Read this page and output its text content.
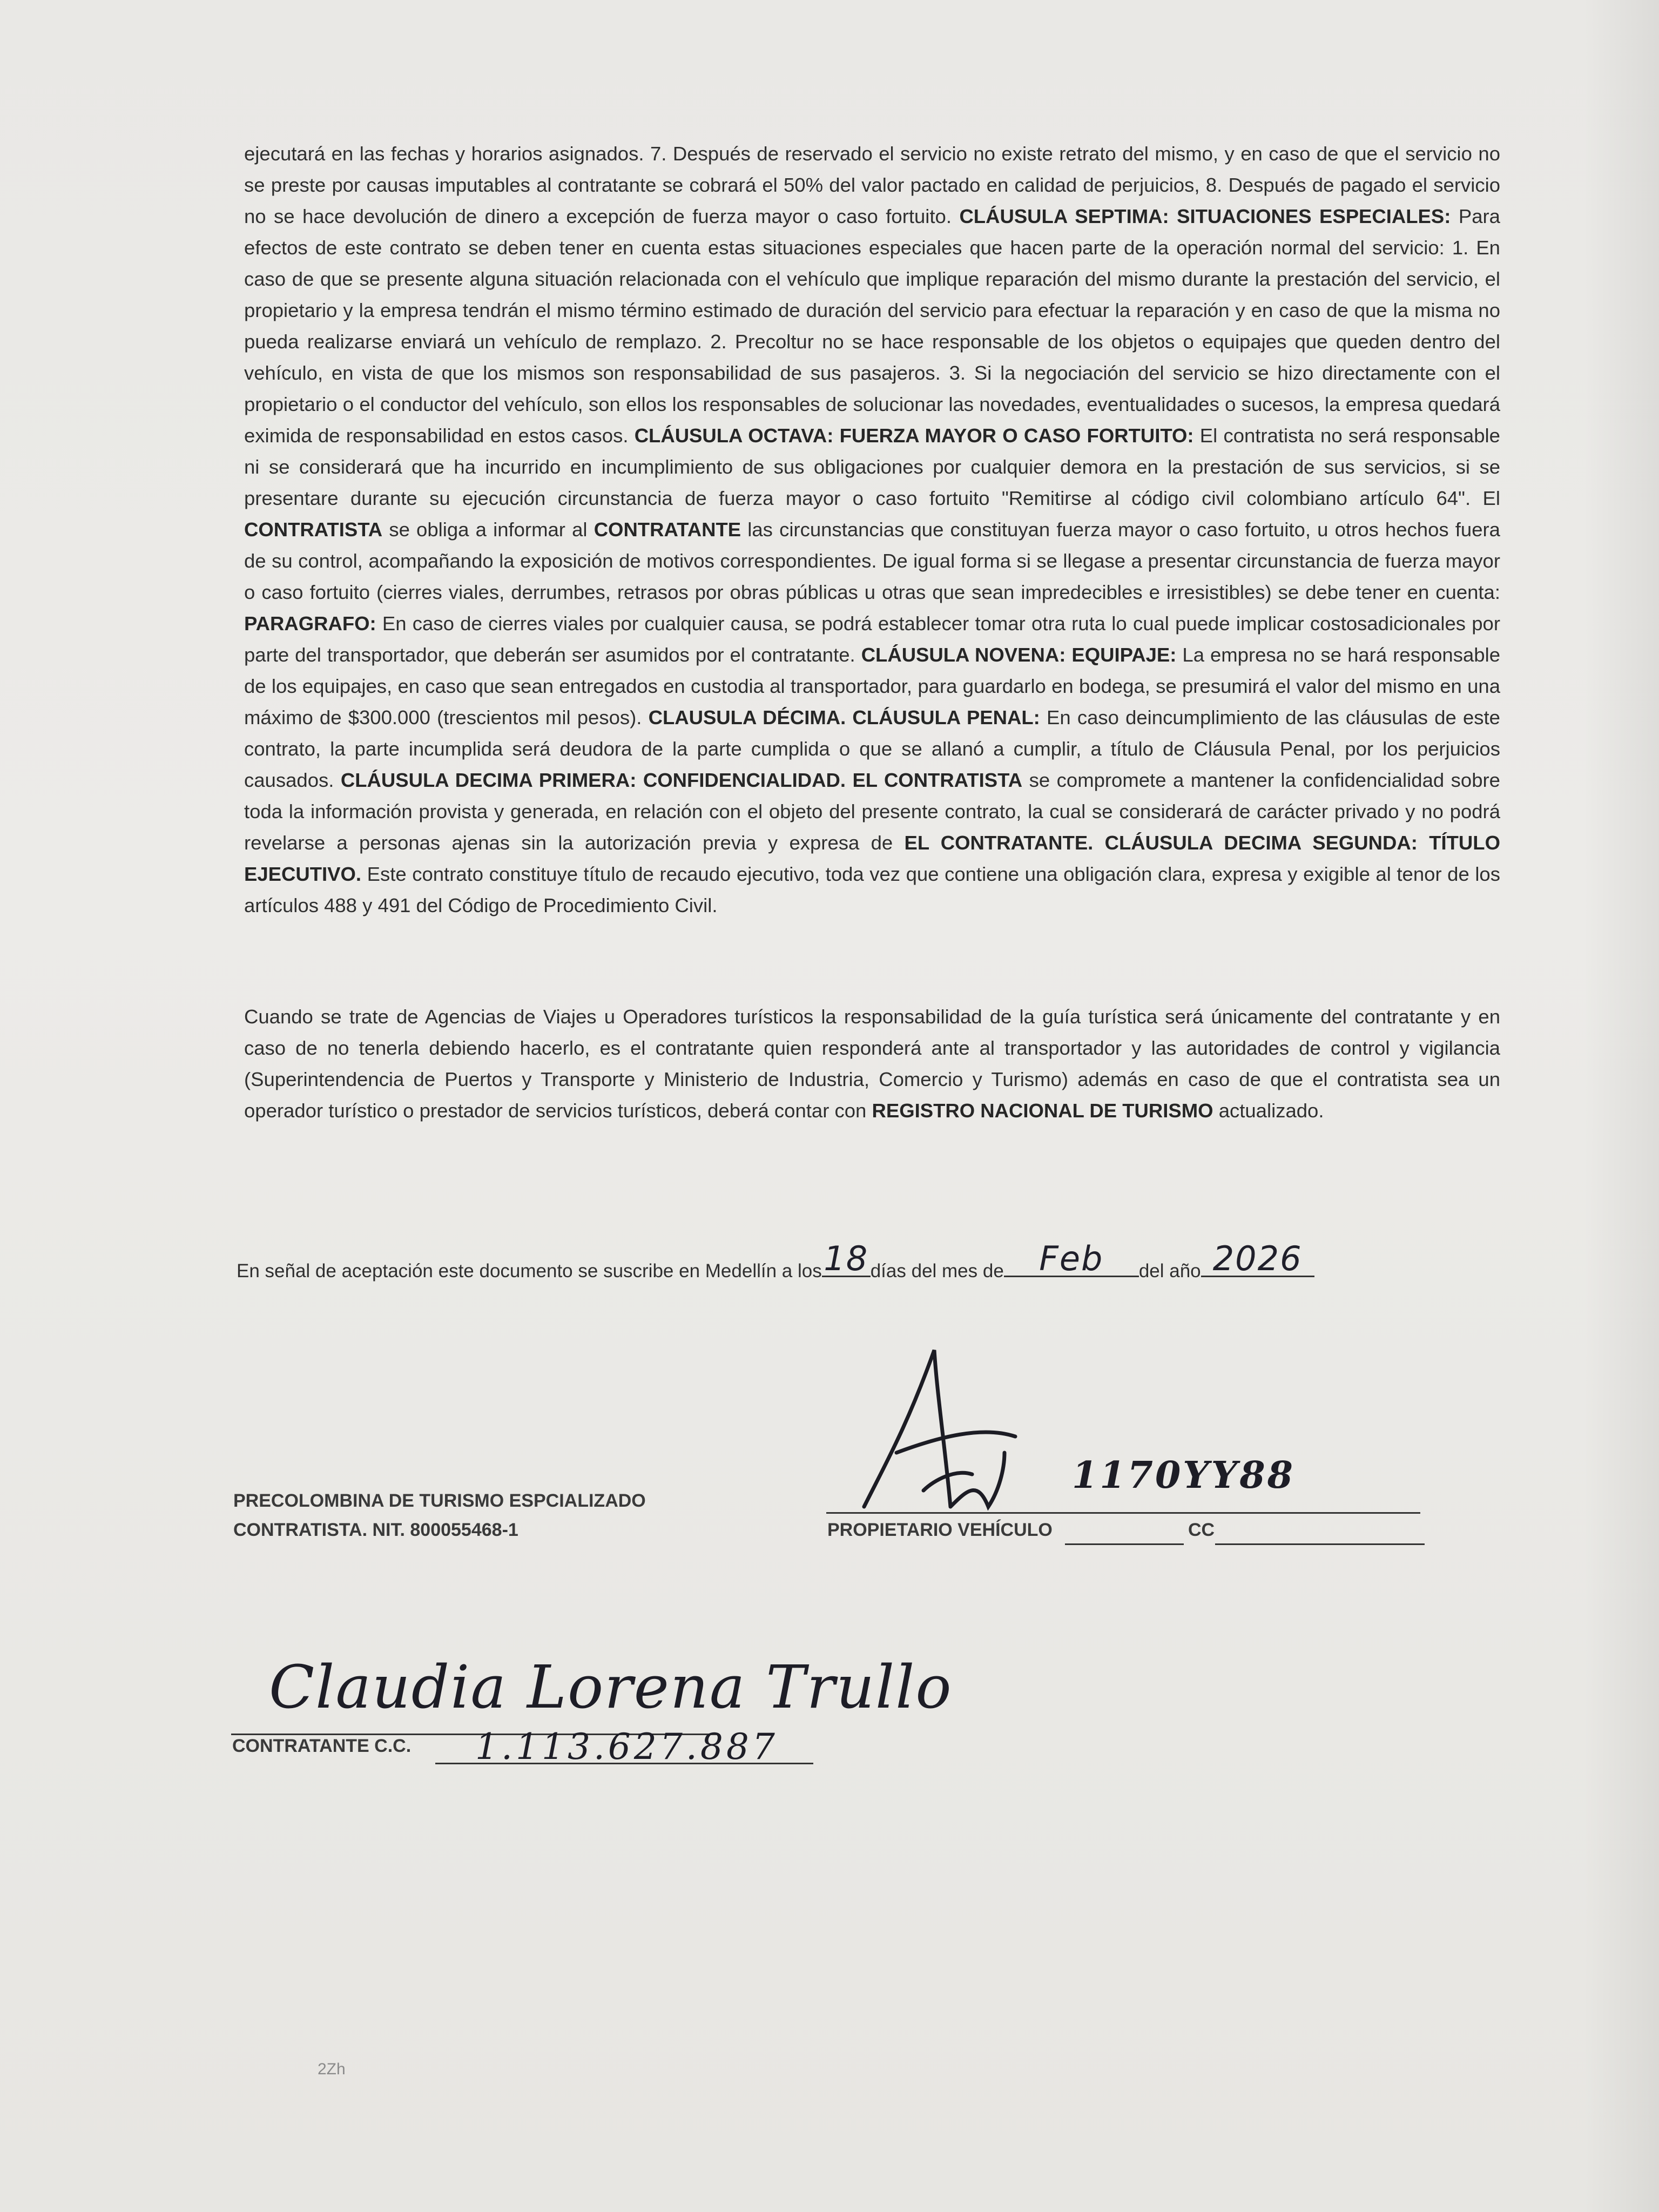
ejecutará en las fechas y horarios asignados. 7. Después de reservado el servicio no existe retrato del mismo, y en caso de que el servicio no se preste por causas imputables al contratante se cobrará el 50% del valor pactado en calidad de perjuicios, 8. Después de pagado el servicio no se hace devolución de dinero a excepción de fuerza mayor o caso fortuito. CLÁUSULA SEPTIMA: SITUACIONES ESPECIALES: Para efectos de este contrato se deben tener en cuenta estas situaciones especiales que hacen parte de la operación normal del servicio: 1. En caso de que se presente alguna situación relacionada con el vehículo que implique reparación del mismo durante la prestación del servicio, el propietario y la empresa tendrán el mismo término estimado de duración del servicio para efectuar la reparación y en caso de que la misma no pueda realizarse enviará un vehículo de remplazo. 2. Precoltur no se hace responsable de los objetos o equipajes que queden dentro del vehículo, en vista de que los mismos son responsabilidad de sus pasajeros. 3. Si la negociación del servicio se hizo directamente con el propietario o el conductor del vehículo, son ellos los responsables de solucionar las novedades, eventualidades o sucesos, la empresa quedará eximida de responsabilidad en estos casos. CLÁUSULA OCTAVA: FUERZA MAYOR O CASO FORTUITO: El contratista no será responsable ni se considerará que ha incurrido en incumplimiento de sus obligaciones por cualquier demora en la prestación de sus servicios, si se presentare durante su ejecución circunstancia de fuerza mayor o caso fortuito "Remitirse al código civil colombiano artículo 64". El CONTRATISTA se obliga a informar al CONTRATANTE las circunstancias que constituyan fuerza mayor o caso fortuito, u otros hechos fuera de su control, acompañando la exposición de motivos correspondientes. De igual forma si se llegase a presentar circunstancia de fuerza mayor o caso fortuito (cierres viales, derrumbes, retrasos por obras públicas u otras que sean impredecibles e irresistibles) se debe tener en cuenta: PARAGRAFO: En caso de cierres viales por cualquier causa, se podrá establecer tomar otra ruta lo cual puede implicar costosadicionales por parte del transportador, que deberán ser asumidos por el contratante. CLÁUSULA NOVENA: EQUIPAJE: La empresa no se hará responsable de los equipajes, en caso que sean entregados en custodia al transportador, para guardarlo en bodega, se presumirá el valor del mismo en una máximo de $300.000 (trescientos mil pesos). CLAUSULA DÉCIMA. CLÁUSULA PENAL: En caso deincumplimiento de las cláusulas de este contrato, la parte incumplida será deudora de la parte cumplida o que se allanó a cumplir, a título de Cláusula Penal, por los perjuicios causados. CLÁUSULA DECIMA PRIMERA: CONFIDENCIALIDAD. EL CONTRATISTA se compromete a mantener la confidencialidad sobre toda la información provista y generada, en relación con el objeto del presente contrato, la cual se considerará de carácter privado y no podrá revelarse a personas ajenas sin la autorización previa y expresa de EL CONTRATANTE. CLÁUSULA DECIMA SEGUNDA: TÍTULO EJECUTIVO. Este contrato constituye título de recaudo ejecutivo, toda vez que contiene una obligación clara, expresa y exigible al tenor de los artículos 488 y 491 del Código de Procedimiento Civil.

Cuando se trate de Agencias de Viajes u Operadores turísticos la responsabilidad de la guía turística será únicamente del contratante y en caso de no tenerla debiendo hacerlo, es el contratante quien responderá ante al transportador y las autoridades de control y vigilancia (Superintendencia de Puertos y Transporte y Ministerio de Industria, Comercio y Turismo) además en caso de que el contratista sea un operador turístico o prestador de servicios turísticos, deberá contar con REGISTRO NACIONAL DE TURISMO actualizado.

En señal de aceptación este documento se suscribe en Medellín a los 18 días del mes de	Feb	del año 2026
PRECOLOMBINA DE TURISMO ESPCIALIZADO
CONTRATISTA. NIT. 800055468-1
1170YY88
PROPIETARIO VEHÍCULO	CC
Claudia Lorena Trullo
CONTRATANTE C.C. 1.113.627.887
2Zh
